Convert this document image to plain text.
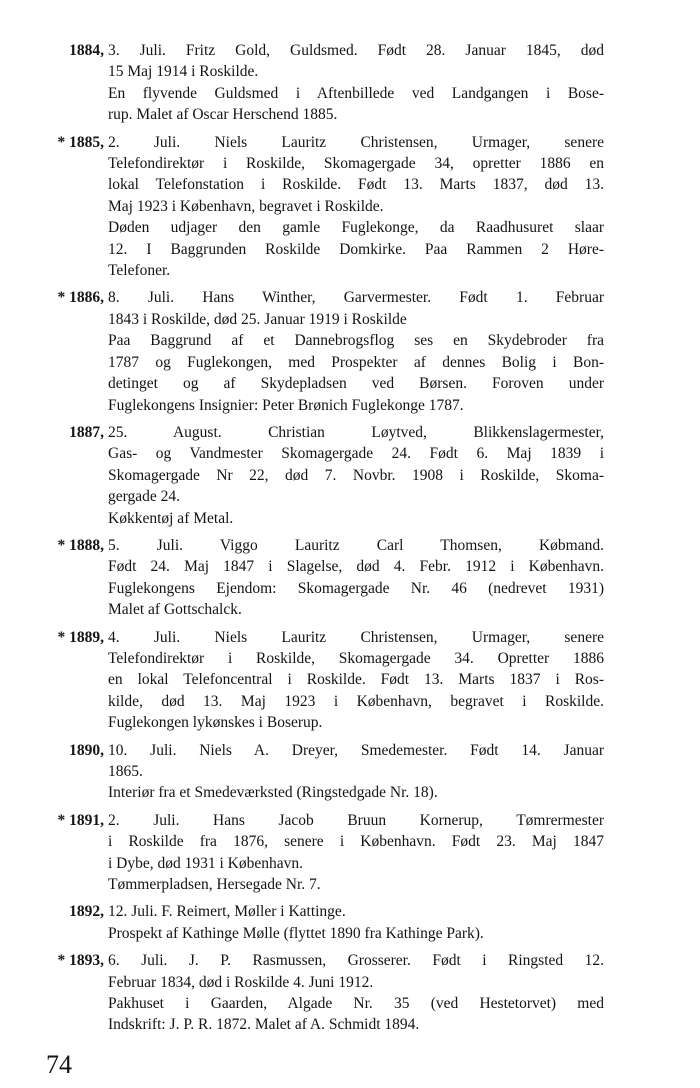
1884, 3. Juli. Fritz Gold, Guldsmed. Født 28. Januar 1845, død
15 Maj 1914 i Roskilde.
En flyvende Guldsmed i Aftenbillede ved Landgangen i Bose-
rup. Malet af Oscar Herschend 1885.
* 1885, 2. Juli. Niels Lauritz Christensen, Urmager, senere
Telefondirektør i Roskilde, Skomagergade 34, opretter 1886 en
lokal Telefonstation i Roskilde. Født 13. Marts 1837, død 13.
Maj 1923 i København, begravet i Roskilde.
Døden udjager den gamle Fuglekonge, da Raadhusuret slaar
12. I Baggrunden Roskilde Domkirke. Paa Rammen 2 Høre-
Telefoner.
* 1886, 8. Juli. Hans Winther, Garvermester. Født 1. Februar
1843 i Roskilde, død 25. Januar 1919 i Roskilde
Paa Baggrund af et Dannebrogsflog ses en Skydebroder fra
1787 og Fuglekongen, med Prospekter af dennes Bolig i Bon-
detinget og af Skydepladsen ved Børsen. Foroven under
Fuglekongens Insignier: Peter Brønich Fuglekonge 1787.
1887, 25. August. Christian Løytved, Blikkenslagermester,
Gas- og Vandmester Skomagergade 24. Født 6. Maj 1839 i
Skomagergade Nr 22, død 7. Novbr. 1908 i Roskilde, Skoma-
gergade 24.
Køkkentøj af Metal.
* 1888, 5. Juli. Viggo Lauritz Carl Thomsen, Købmand.
Født 24. Maj 1847 i Slagelse, død 4. Febr. 1912 i København.
Fuglekongens Ejendom: Skomagergade Nr. 46 (nedrevet 1931)
Malet af Gottschalck.
* 1889, 4. Juli. Niels Lauritz Christensen, Urmager, senere
Telefondirektør i Roskilde, Skomagergade 34. Opretter 1886
en lokal Telefoncentral i Roskilde. Født 13. Marts 1837 i Ros-
kilde, død 13. Maj 1923 i København, begravet i Roskilde.
Fuglekongen lykønskes i Boserup.
1890, 10. Juli. Niels A. Dreyer, Smedemester. Født 14. Januar
1865.
Interiør fra et Smedeværksted (Ringstedgade Nr. 18).
* 1891, 2. Juli. Hans Jacob Bruun Kornerup, Tømrermester
i Roskilde fra 1876, senere i København. Født 23. Maj 1847
i Dybe, død 1931 i København.
Tømmerpladsen, Hersegade Nr. 7.
1892, 12. Juli. F. Reimert, Møller i Kattinge.
Prospekt af Kathinge Mølle (flyttet 1890 fra Kathinge Park).
* 1893, 6. Juli. J. P. Rasmussen, Grosserer. Født i Ringsted 12.
Februar 1834, død i Roskilde 4. Juni 1912.
Pakhuset i Gaarden, Algade Nr. 35 (ved Hestetorvet) med
Indskrift: J. P. R. 1872. Malet af A. Schmidt 1894.
74
